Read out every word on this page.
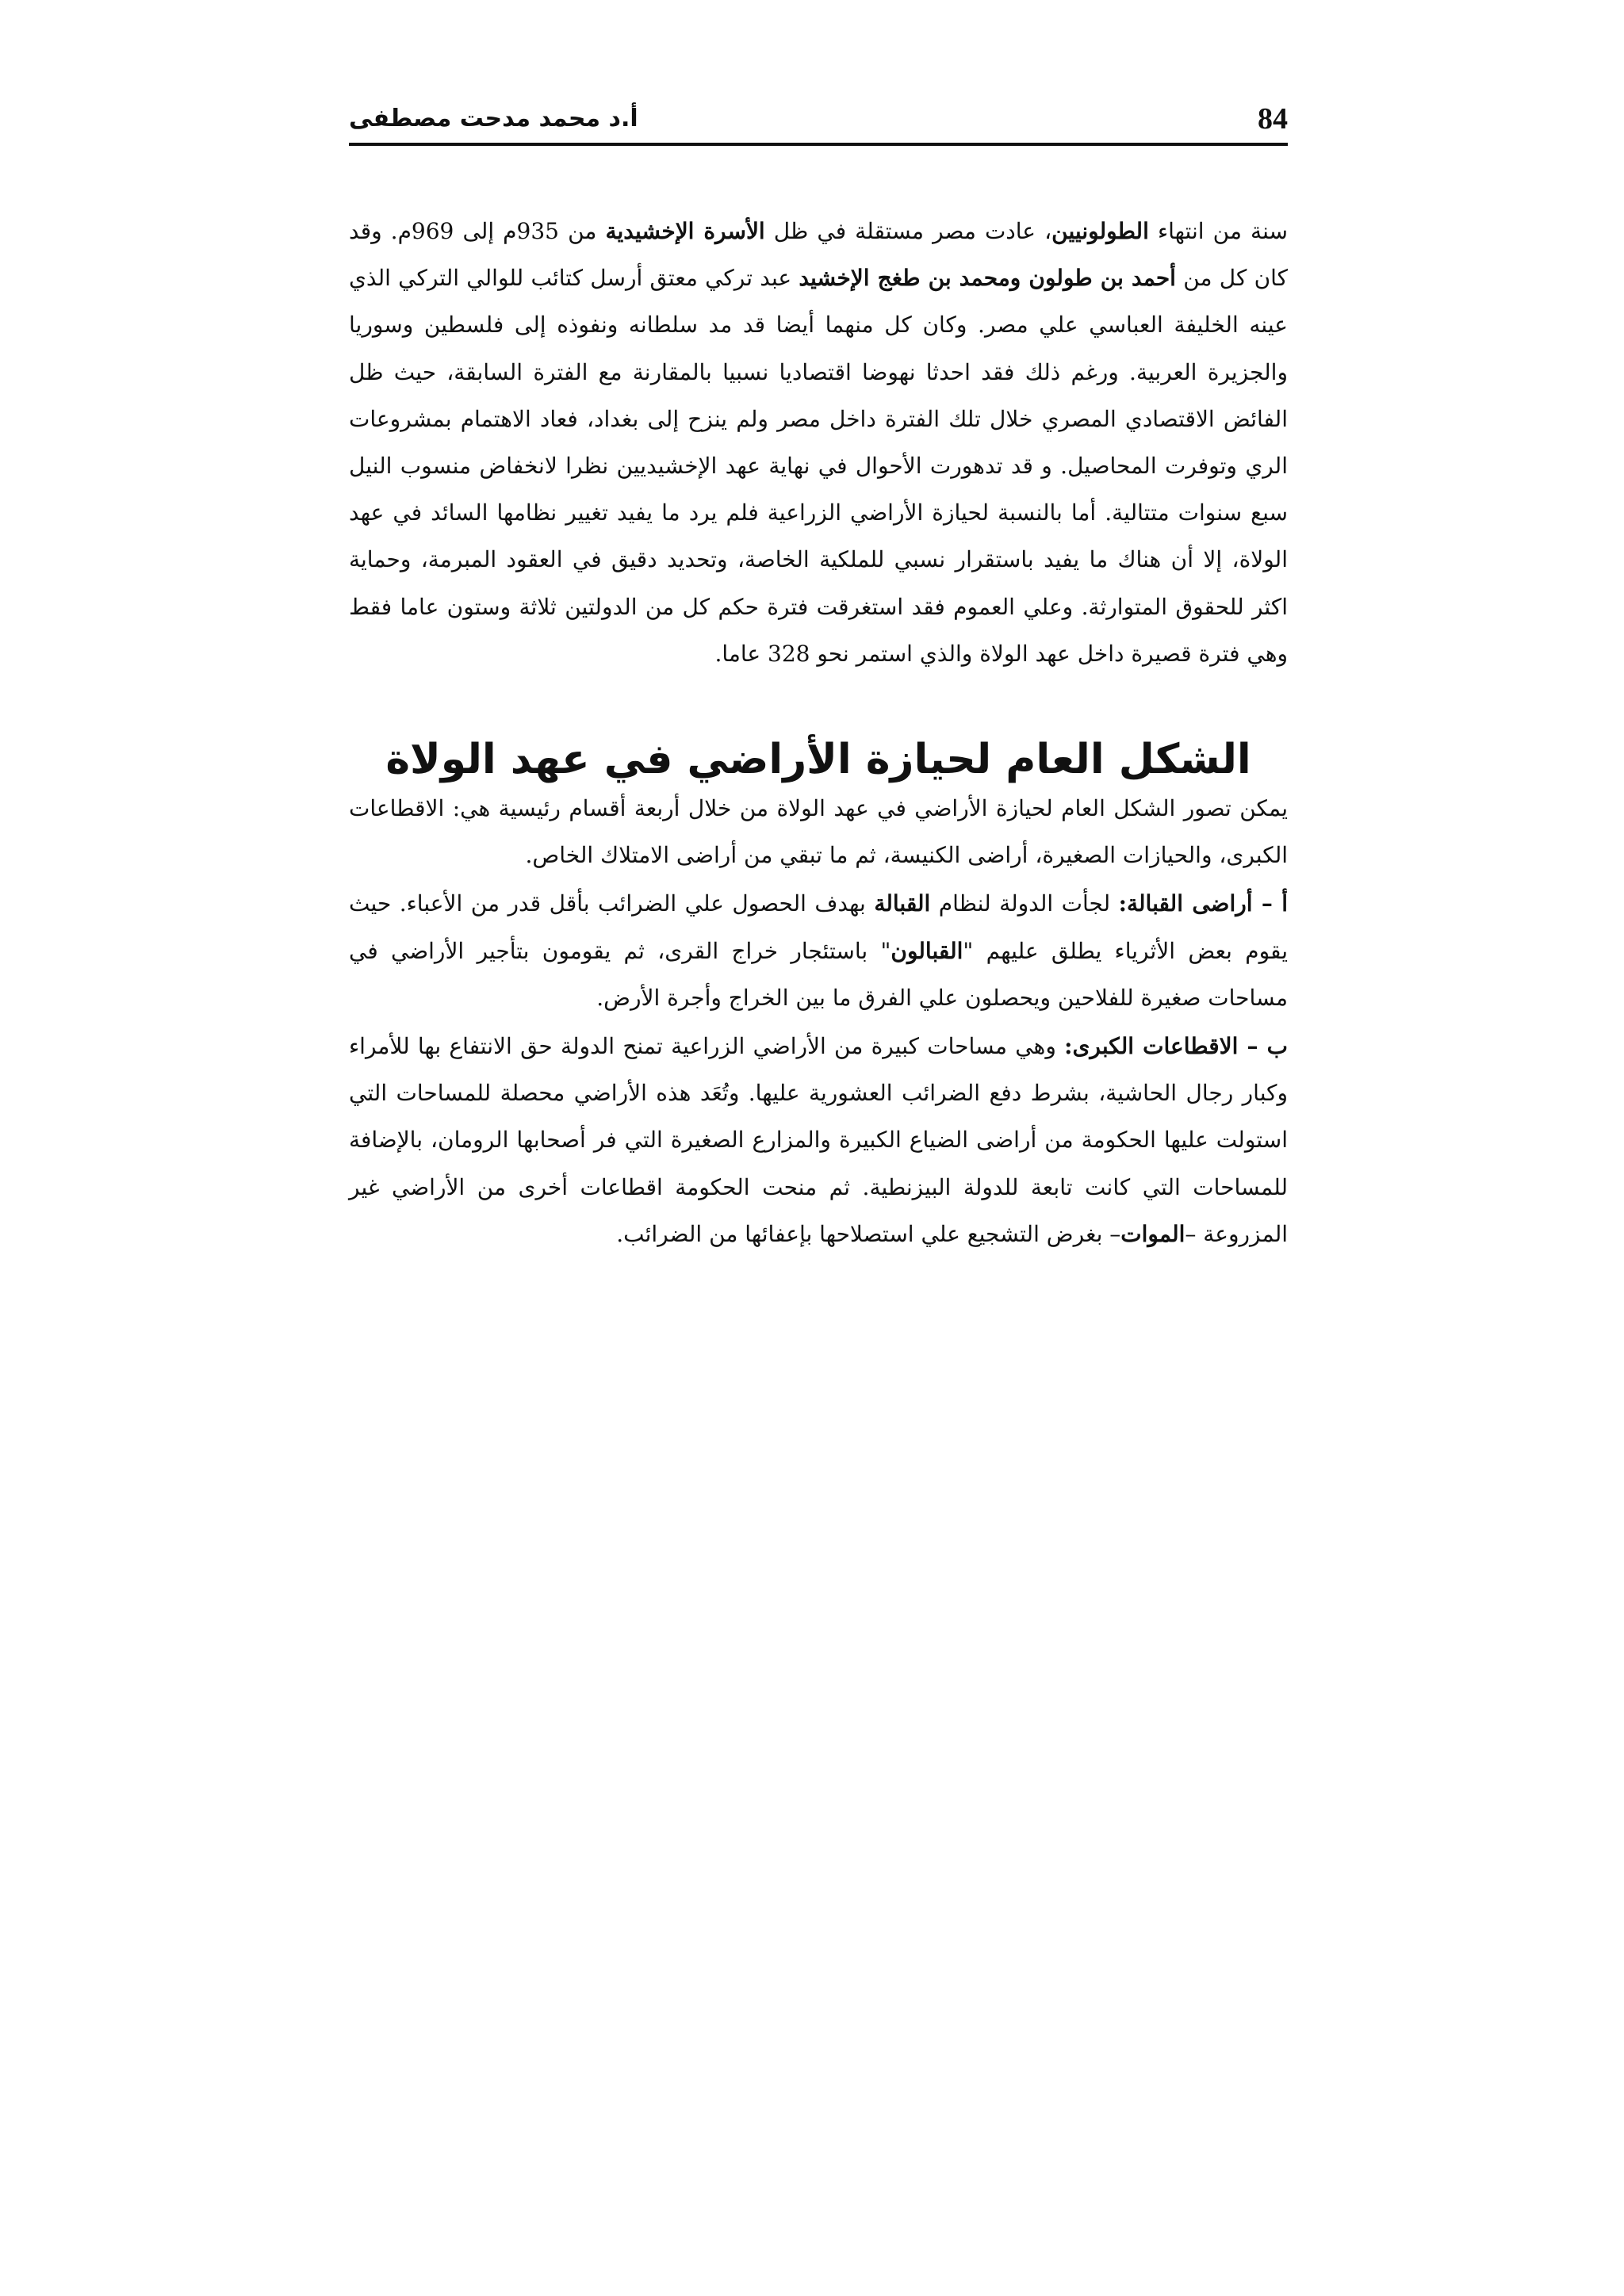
84
أ.د محمد مدحت مصطفى

سنة من انتهاء الطولونيين، عادت مصر مستقلة في ظل الأسرة الإخشيدية من 935م إلى 969م. وقد كان كل من أحمد بن طولون ومحمد بن طغج الإخشيد عبد تركي معتق أرسل كتائب للوالي التركي الذي عينه الخليفة العباسي علي مصر. وكان كل منهما أيضا قد مد سلطانه ونفوذه إلى فلسطين وسوريا والجزيرة العربية. ورغم ذلك فقد احدثا نهوضا اقتصاديا نسبيا بالمقارنة مع الفترة السابقة، حيث ظل الفائض الاقتصادي المصري خلال تلك الفترة داخل مصر ولم ينزح إلى بغداد، فعاد الاهتمام بمشروعات الري وتوفرت المحاصيل. و قد تدهورت الأحوال في نهاية عهد الإخشيديين نظرا لانخفاض منسوب النيل سبع سنوات متتالية. أما بالنسبة لحيازة الأراضي الزراعية فلم يرد ما يفيد تغيير نظامها السائد في عهد الولاة، إلا أن هناك ما يفيد باستقرار نسبي للملكية الخاصة، وتحديد دقيق في العقود المبرمة، وحماية اكثر للحقوق المتوارثة. وعلي العموم فقد استغرقت فترة حكم كل من الدولتين ثلاثة وستون عاما فقط وهي فترة قصيرة داخل عهد الولاة والذي استمر نحو 328 عاما.

الشكل العام لحيازة الأراضي في عهد الولاة

يمكن تصور الشكل العام لحيازة الأراضي في عهد الولاة من خلال أربعة أقسام رئيسية هي: الاقطاعات الكبرى، والحيازات الصغيرة، أراضى الكنيسة، ثم ما تبقي من أراضى الامتلاك الخاص.

أ – أراضى القبالة: لجأت الدولة لنظام القبالة بهدف الحصول علي الضرائب بأقل قدر من الأعباء. حيث يقوم بعض الأثرياء يطلق عليهم "القبالون" باستئجار خراج القرى، ثم يقومون بتأجير الأراضي في مساحات صغيرة للفلاحين ويحصلون علي الفرق ما بين الخراج وأجرة الأرض.

ب – الاقطاعات الكبرى: وهي مساحات كبيرة من الأراضي الزراعية تمنح الدولة حق الانتفاع بها للأمراء وكبار رجال الحاشية، بشرط دفع الضرائب العشورية عليها. وتُعَد هذه الأراضي محصلة للمساحات التي استولت عليها الحكومة من أراضى الضياع الكبيرة والمزارع الصغيرة التي فر أصحابها الرومان، بالإضافة للمساحات التي كانت تابعة للدولة البيزنطية. ثم منحت الحكومة اقطاعات أخرى من الأراضي غير المزروعة –الموات– بغرض التشجيع علي استصلاحها بإعفائها من الضرائب.
